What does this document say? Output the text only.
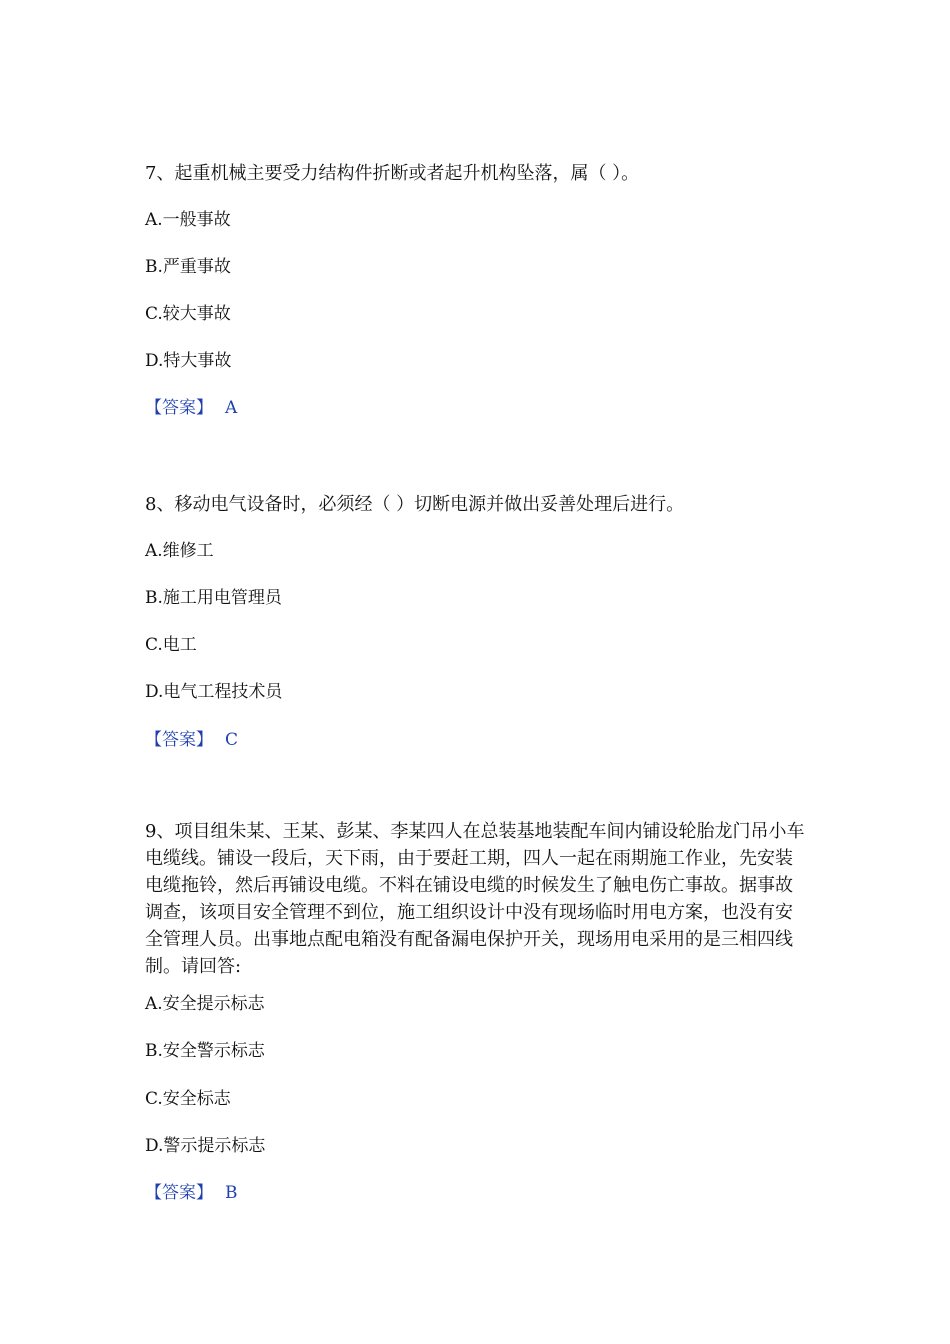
7、起重机械主要受力结构件折断或者起升机构坠落，属（ ）。

A.一般事故
B.严重事故
C.较大事故
D.特大事故
【答案】 A

8、移动电气设备时，必须经（ ）切断电源并做出妥善处理后进行。

A.维修工
B.施工用电管理员
C.电工
D.电气工程技术员
【答案】 C

9、项目组朱某、王某、彭某、李某四人在总装基地装配车间内铺设轮胎龙门吊小车电缆线。铺设一段后，天下雨，由于要赶工期，四人一起在雨期施工作业，先安装电缆拖铃，然后再铺设电缆。不料在铺设电缆的时候发生了触电伤亡事故。据事故调查，该项目安全管理不到位，施工组织设计中没有现场临时用电方案，也没有安全管理人员。出事地点配电箱没有配备漏电保护开关，现场用电采用的是三相四线制。请回答:

A.安全提示标志
B.安全警示标志
C.安全标志
D.警示提示标志
【答案】 B
